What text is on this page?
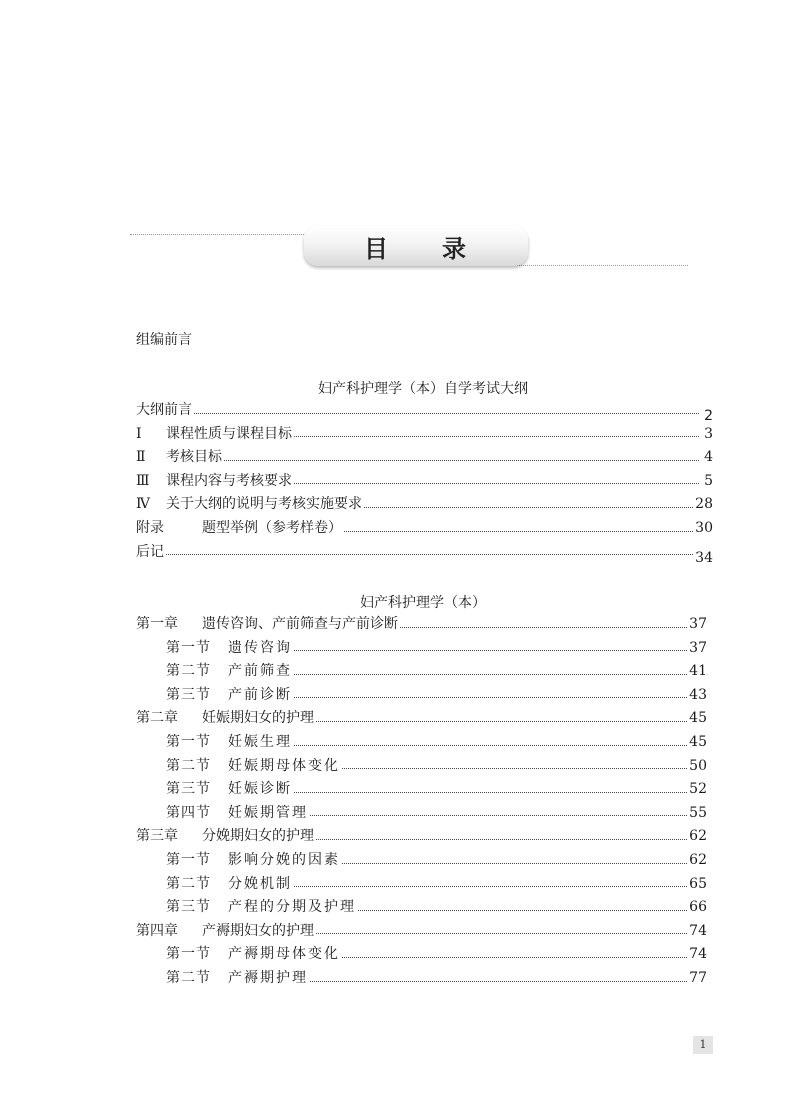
目 录
组编前言
妇产科护理学（本）自学考试大纲
妇产科护理学（本）
大纲前言	2
Ⅰ	课程性质与课程目标	3
Ⅱ	考核目标	4
Ⅲ	课程内容与考核要求	5
Ⅳ	关于大纲的说明与考核实施要求	28
附录	题型举例（参考样卷）	30
后记	34
第一章	遗传咨询、产前筛查与产前诊断	37
第一节	遗传咨询	37
第二节	产前筛查	41
第三节	产前诊断	43
第二章	妊娠期妇女的护理	45
第一节	妊娠生理	45
第二节	妊娠期母体变化	50
第三节	妊娠诊断	52
第四节	妊娠期管理	55
第三章	分娩期妇女的护理	62
第一节	影响分娩的因素	62
第二节	分娩机制	65
第三节	产程的分期及护理	66
第四章	产褥期妇女的护理	74
第一节	产褥期母体变化	74
第二节	产褥期护理	77
1
